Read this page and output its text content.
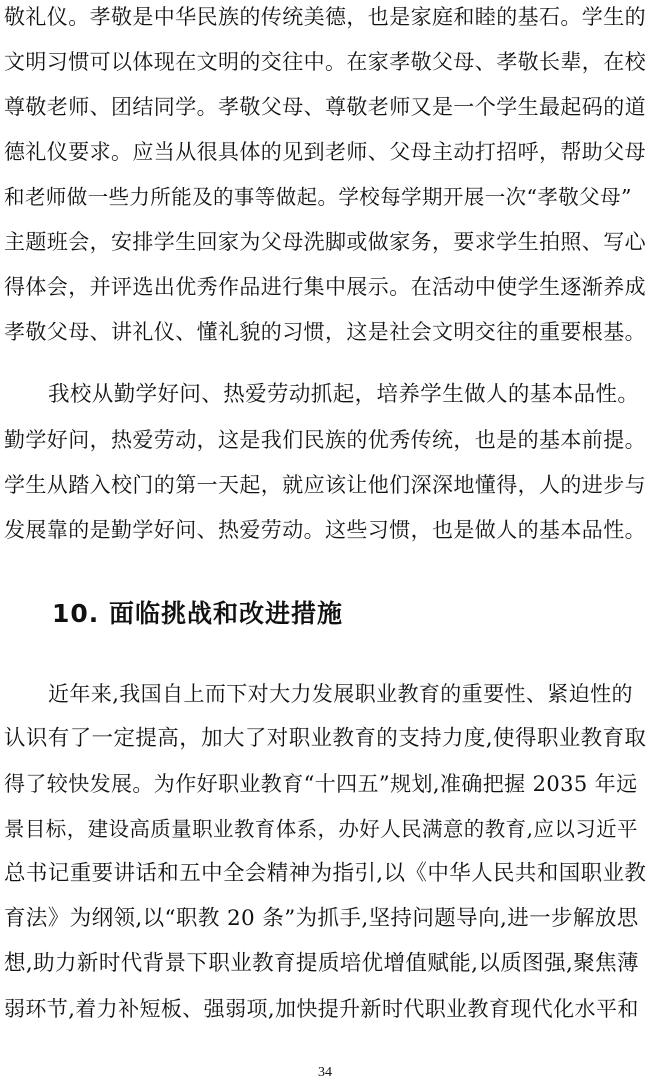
敬礼仪。孝敬是中华民族的传统美德，也是家庭和睦的基石。学生的
文明习惯可以体现在文明的交往中。在家孝敬父母、孝敬长辈，在校
尊敬老师、团结同学。孝敬父母、尊敬老师又是一个学生最起码的道
德礼仪要求。应当从很具体的见到老师、父母主动打招呼，帮助父母
和老师做一些力所能及的事等做起。学校每学期开展一次“孝敬父母”
主题班会，安排学生回家为父母洗脚或做家务，要求学生拍照、写心
得体会，并评选出优秀作品进行集中展示。在活动中使学生逐渐养成
孝敬父母、讲礼仪、懂礼貌的习惯，这是社会文明交往的重要根基。
我校从勤学好问、热爱劳动抓起，培养学生做人的基本品性。
勤学好问，热爱劳动，这是我们民族的优秀传统，也是的基本前提。
学生从踏入校门的第一天起，就应该让他们深深地懂得，人的进步与
发展靠的是勤学好问、热爱劳动。这些习惯，也是做人的基本品性。
10. 面临挑战和改进措施
近年来,我国自上而下对大力发展职业教育的重要性、紧迫性的
认识有了一定提高，加大了对职业教育的支持力度,使得职业教育取
得了较快发展。为作好职业教育“十四五”规划,准确把握 2035 年远
景目标，建设高质量职业教育体系，办好人民满意的教育,应以习近平
总书记重要讲话和五中全会精神为指引,以《中华人民共和国职业教
育法》为纲领,以“职教 20 条”为抓手,坚持问题导向,进一步解放思
想,助力新时代背景下职业教育提质培优增值赋能,以质图强,聚焦薄
弱环节,着力补短板、强弱项,加快提升新时代职业教育现代化水平和
34
